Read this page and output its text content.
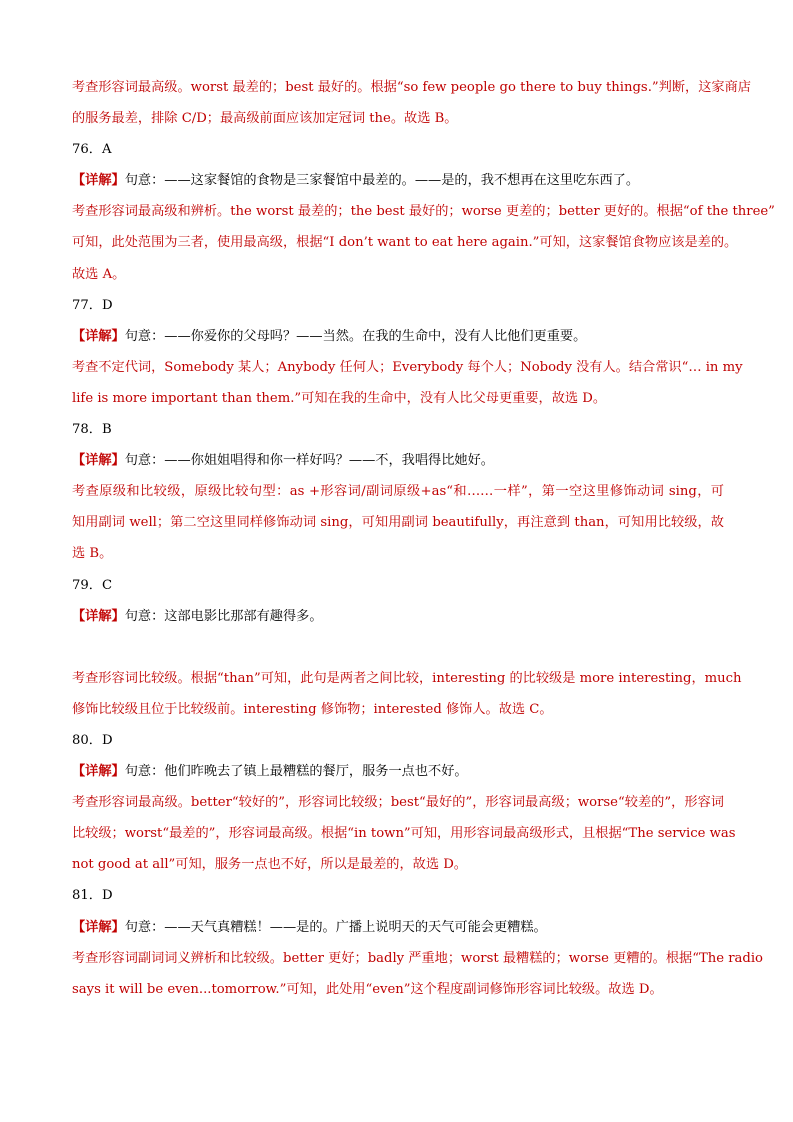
考查形容词最高级。worst 最差的；best 最好的。根据“so few people go there to buy things.”判断，这家商店
的服务最差，排除 C/D；最高级前面应该加定冠词 the。故选 B。
76．A
【详解】句意：——这家餐馆的食物是三家餐馆中最差的。——是的，我不想再在这里吃东西了。
考查形容词最高级和辨析。the worst 最差的；the best 最好的；worse 更差的；better 更好的。根据“of the three”
可知，此处范围为三者，使用最高级，根据“I don’t want to eat here again.”可知，这家餐馆食物应该是差的。
故选 A。
77．D
【详解】句意：——你爱你的父母吗？——当然。在我的生命中，没有人比他们更重要。
考查不定代词，Somebody 某人；Anybody 任何人；Everybody 每个人；Nobody 没有人。结合常识“… in my
life is more important than them.”可知在我的生命中，没有人比父母更重要，故选 D。
78．B
【详解】句意：——你姐姐唱得和你一样好吗？——不，我唱得比她好。
考查原级和比较级，原级比较句型：as +形容词/副词原级+as“和……一样”，第一空这里修饰动词 sing，可
知用副词 well；第二空这里同样修饰动词 sing，可知用副词 beautifully，再注意到 than，可知用比较级，故
选 B。
79．C
【详解】句意：这部电影比那部有趣得多。
考查形容词比较级。根据“than”可知，此句是两者之间比较，interesting 的比较级是 more interesting，much
修饰比较级且位于比较级前。interesting 修饰物；interested 修饰人。故选 C。
80．D
【详解】句意：他们昨晚去了镇上最糟糕的餐厅，服务一点也不好。
考查形容词最高级。better“较好的”，形容词比较级；best“最好的”，形容词最高级；worse“较差的”，形容词
比较级；worst“最差的”，形容词最高级。根据“in town”可知，用形容词最高级形式，且根据“The service was
not good at all”可知，服务一点也不好，所以是最差的，故选 D。
81．D
【详解】句意：——天气真糟糕！——是的。广播上说明天的天气可能会更糟糕。
考查形容词副词词义辨析和比较级。better 更好；badly 严重地；worst 最糟糕的；worse 更糟的。根据“The radio
says it will be even...tomorrow.”可知，此处用“even”这个程度副词修饰形容词比较级。故选 D。
